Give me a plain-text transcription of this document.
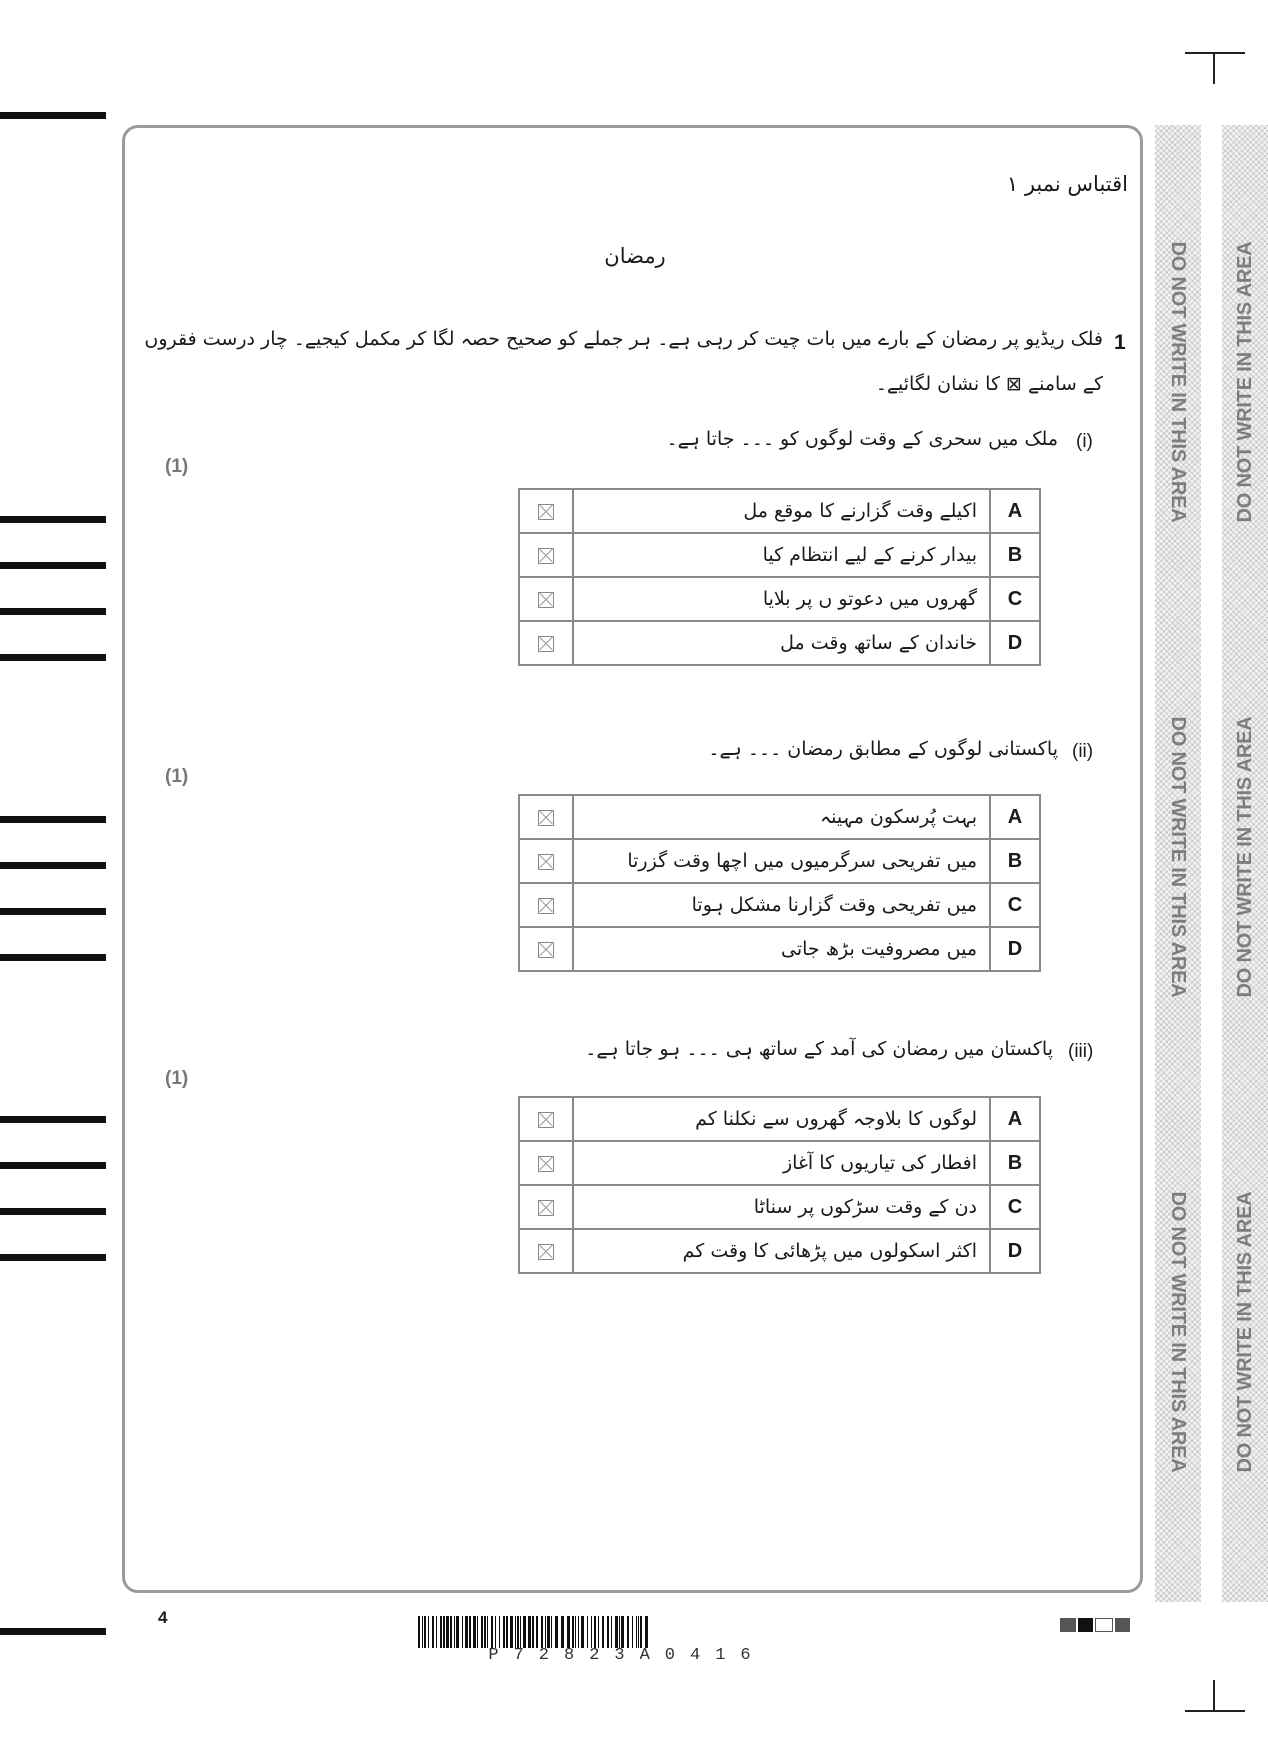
DO NOT WRITE IN THIS AREA
DO NOT WRITE IN THIS AREA
DO NOT WRITE IN THIS AREA
DO NOT WRITE IN THIS AREA
DO NOT WRITE IN THIS AREA
DO NOT WRITE IN THIS AREA
اقتباس نمبر ۱
رمضان
1
فلک ریڈیو پر رمضان کے بارے میں بات چیت کر رہی ہے۔ ہر جملے کو صحیح حصہ لگا کر مکمل کیجیے۔ چار درست فقروں
کے سامنے ⊠ کا نشان لگائیے۔
(i)
ملک میں سحری کے وقت لوگوں کو ۔۔۔ جاتا ہے۔
(1)
A	اکیلے وقت گزارنے کا موقع مل	
B	بیدار کرنے کے لیے انتظام کیا	
C	گھروں میں دعوتو ں پر بلایا	
D	خاندان کے ساتھ وقت مل	
(ii)
پاکستانی لوگوں کے مطابق رمضان ۔۔۔ ہے۔
(1)
A	بہت پُرسکون مہینہ	
B	میں تفریحی سرگرمیوں میں اچھا وقت گزرتا	
C	میں تفریحی وقت گزارنا مشکل ہوتا	
D	میں مصروفیت بڑھ جاتی	
(iii)
پاکستان میں رمضان کی آمد کے ساتھ ہی ۔۔۔ ہو جاتا ہے۔
(1)
A	لوگوں کا بلاوجہ گھروں سے نکلنا کم	
B	افطار کی تیاریوں کا آغاز	
C	دن کے وقت سڑکوں پر سناٹا	
D	اکثر اسکولوں میں پڑھائی کا وقت کم	
4
P72823A0416
